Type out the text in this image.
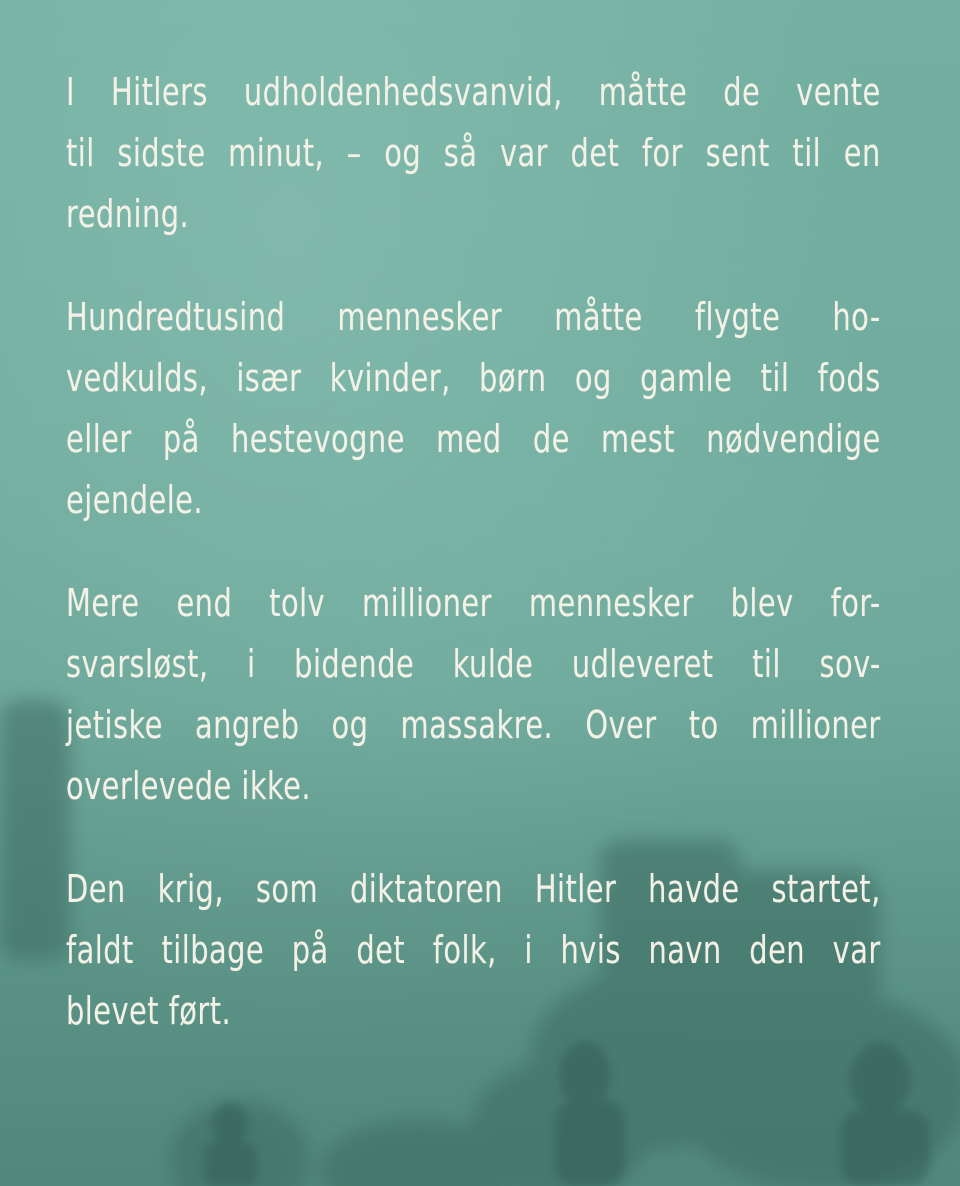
I Hitlers udholdenhedsvanvid, måtte de vente
til sidste minut, – og så var det for sent til en
redning.

Hundredtusind mennesker måtte flygte ho-
vedkulds, især kvinder, børn og gamle til fods
eller på hestevogne med de mest nødvendige
ejendele.

Mere end tolv millioner mennesker blev for-
svarsløst, i bidende kulde udleveret til sov-
jetiske angreb og massakre. Over to millioner
overlevede ikke.

Den krig, som diktatoren Hitler havde startet,
faldt tilbage på det folk, i hvis navn den var
blevet ført.
